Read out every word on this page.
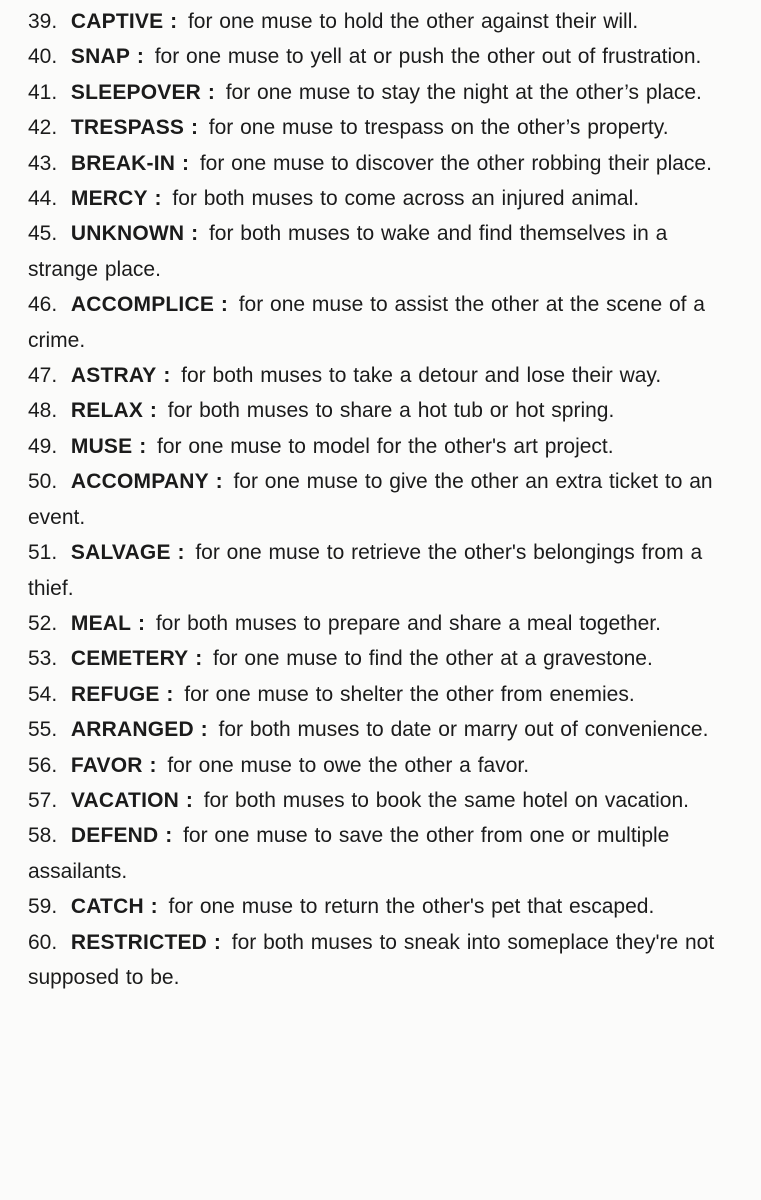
39. CAPTIVE : for one muse to hold the other against their will.
40. SNAP : for one muse to yell at or push the other out of frustration.
41. SLEEPOVER : for one muse to stay the night at the other’s place.
42. TRESPASS : for one muse to trespass on the other’s property.
43. BREAK-IN : for one muse to discover the other robbing their place.
44. MERCY : for both muses to come across an injured animal.
45. UNKNOWN : for both muses to wake and find themselves in a strange place.
46. ACCOMPLICE : for one muse to assist the other at the scene of a crime.
47. ASTRAY : for both muses to take a detour and lose their way.
48. RELAX : for both muses to share a hot tub or hot spring.
49. MUSE : for one muse to model for the other's art project.
50. ACCOMPANY : for one muse to give the other an extra ticket to an event.
51. SALVAGE : for one muse to retrieve the other's belongings from a thief.
52. MEAL : for both muses to prepare and share a meal together.
53. CEMETERY : for one muse to find the other at a gravestone.
54. REFUGE : for one muse to shelter the other from enemies.
55. ARRANGED : for both muses to date or marry out of convenience.
56. FAVOR : for one muse to owe the other a favor.
57. VACATION : for both muses to book the same hotel on vacation.
58. DEFEND : for one muse to save the other from one or multiple assailants.
59. CATCH : for one muse to return the other's pet that escaped.
60. RESTRICTED : for both muses to sneak into someplace they're not supposed to be.
